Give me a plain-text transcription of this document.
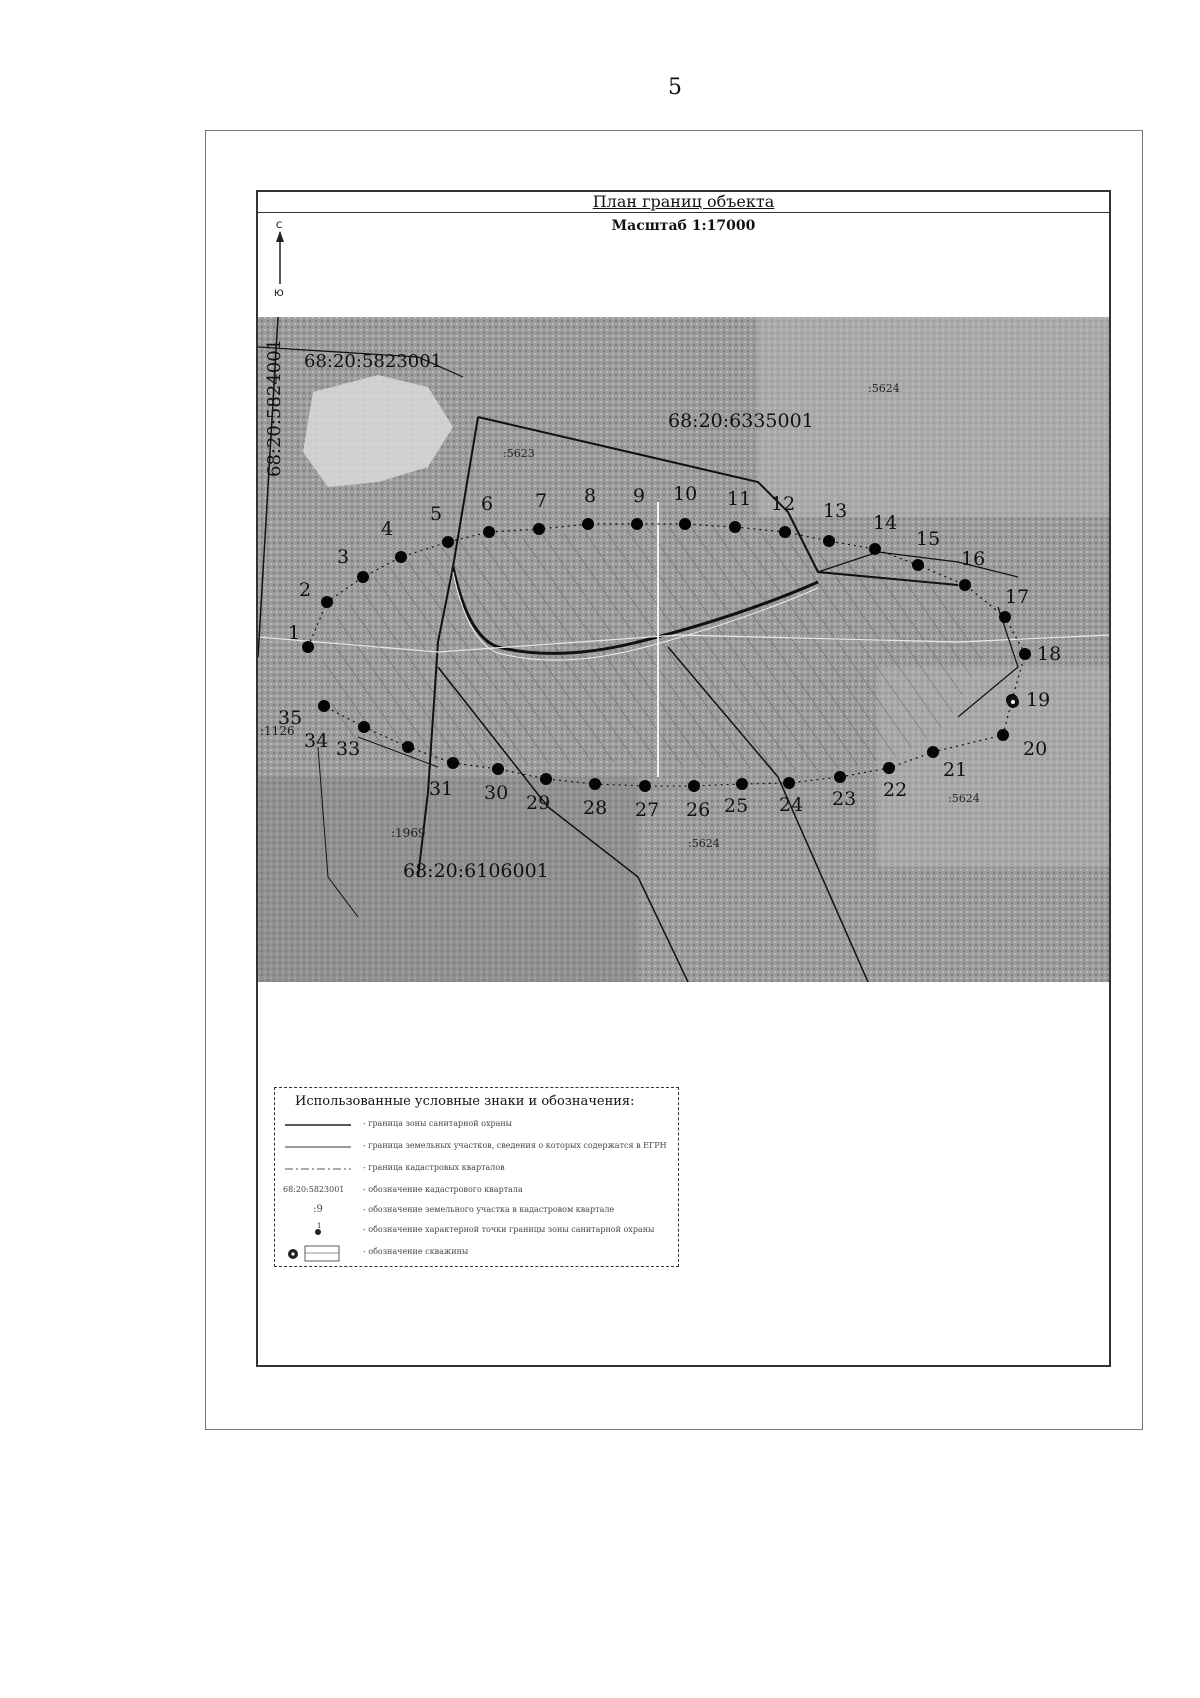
5
План границ объекта
Масштаб 1:17000
С
Ю
68:20:5823001
68:20:5824001	68:20:6335001
68:20:6106001
:5624
:5623
:5624
:5624
:1969
:1126
1
2
3
4
5 6 7 8 9 10 11 12 13
14
15
16
17
18
19
20
21
22
23
24
25
26
27
28
29
30
31
33
34
35
Использованные условные знаки и обозначения:
- граница зоны санитарной охраны
- граница земельных участков, сведения о которых содержатся в ЕГРН
- граница кадастровых кварталов
68:20:5823001	- обозначение кадастрового квартала
:9	- обозначение земельного участка в кадастровом квартале
1	- обозначение характерной точки границы зоны санитарной охраны
- обозначение скважины
